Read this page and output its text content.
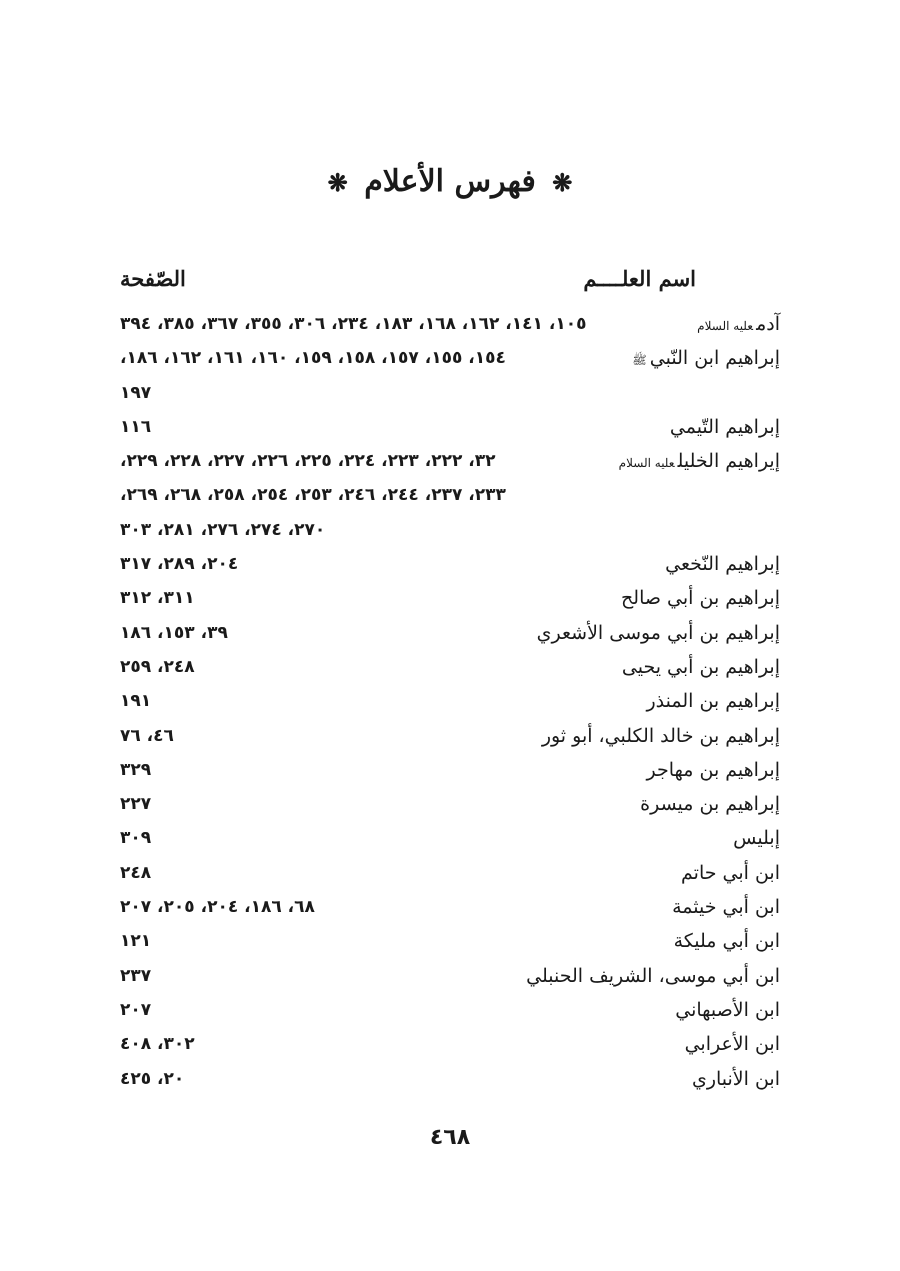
❋ فهرس الأعلام ❋
اسم العلــــم
الصّفحة
آدمعليه السلام
١٠٥، ١٤١، ١٦٢، ١٦٨، ١٨٣، ٢٣٤، ٣٠٦، ٣٥٥، ٣٦٧، ٣٨٥، ٣٩٤
إبراهيم ابن النّبيﷺ
١٥٤، ١٥٥، ١٥٧، ١٥٨، ١٥٩، ١٦٠، ١٦١، ١٦٢، ١٨٦،
١٩٧
إبراهيم التّيمي
١١٦
إيراهيم الخليلعليه السلام
٣٢، ٢٢٢، ٢٢٣، ٢٢٤، ٢٢٥، ٢٢٦، ٢٢٧، ٢٢٨، ٢٢٩،
٢٣٣، ٢٣٧، ٢٤٤، ٢٤٦، ٢٥٣، ٢٥٤، ٢٥٨، ٢٦٨، ٢٦٩،
٢٧٠، ٢٧٤، ٢٧٦، ٢٨١، ٣٠٣
إبراهيم النّخعي
٢٠٤، ٢٨٩، ٣١٧
إبراهيم بن أبي صالح
٣١١، ٣١٢
إبراهيم بن أبي موسى الأشعري
٣٩، ١٥٣، ١٨٦
إبراهيم بن أبي يحيى
٢٤٨، ٢٥٩
إبراهيم بن المنذر
١٩١
إبراهيم بن خالد الكلبي، أبو ثور
٤٦، ٧٦
إبراهيم بن مهاجر
٣٢٩
إبراهيم بن ميسرة
٢٢٧
إبليس
٣٠٩
ابن أبي حاتم
٢٤٨
ابن أبي خيثمة
٦٨، ١٨٦، ٢٠٤، ٢٠٥، ٢٠٧
ابن أبي مليكة
١٢١
ابن أبي موسى، الشريف الحنبلي
٢٣٧
ابن الأصبهاني
٢٠٧
ابن الأعرابي
٣٠٢، ٤٠٨
ابن الأنباري
٢٠، ٤٢٥
٤٦٨
